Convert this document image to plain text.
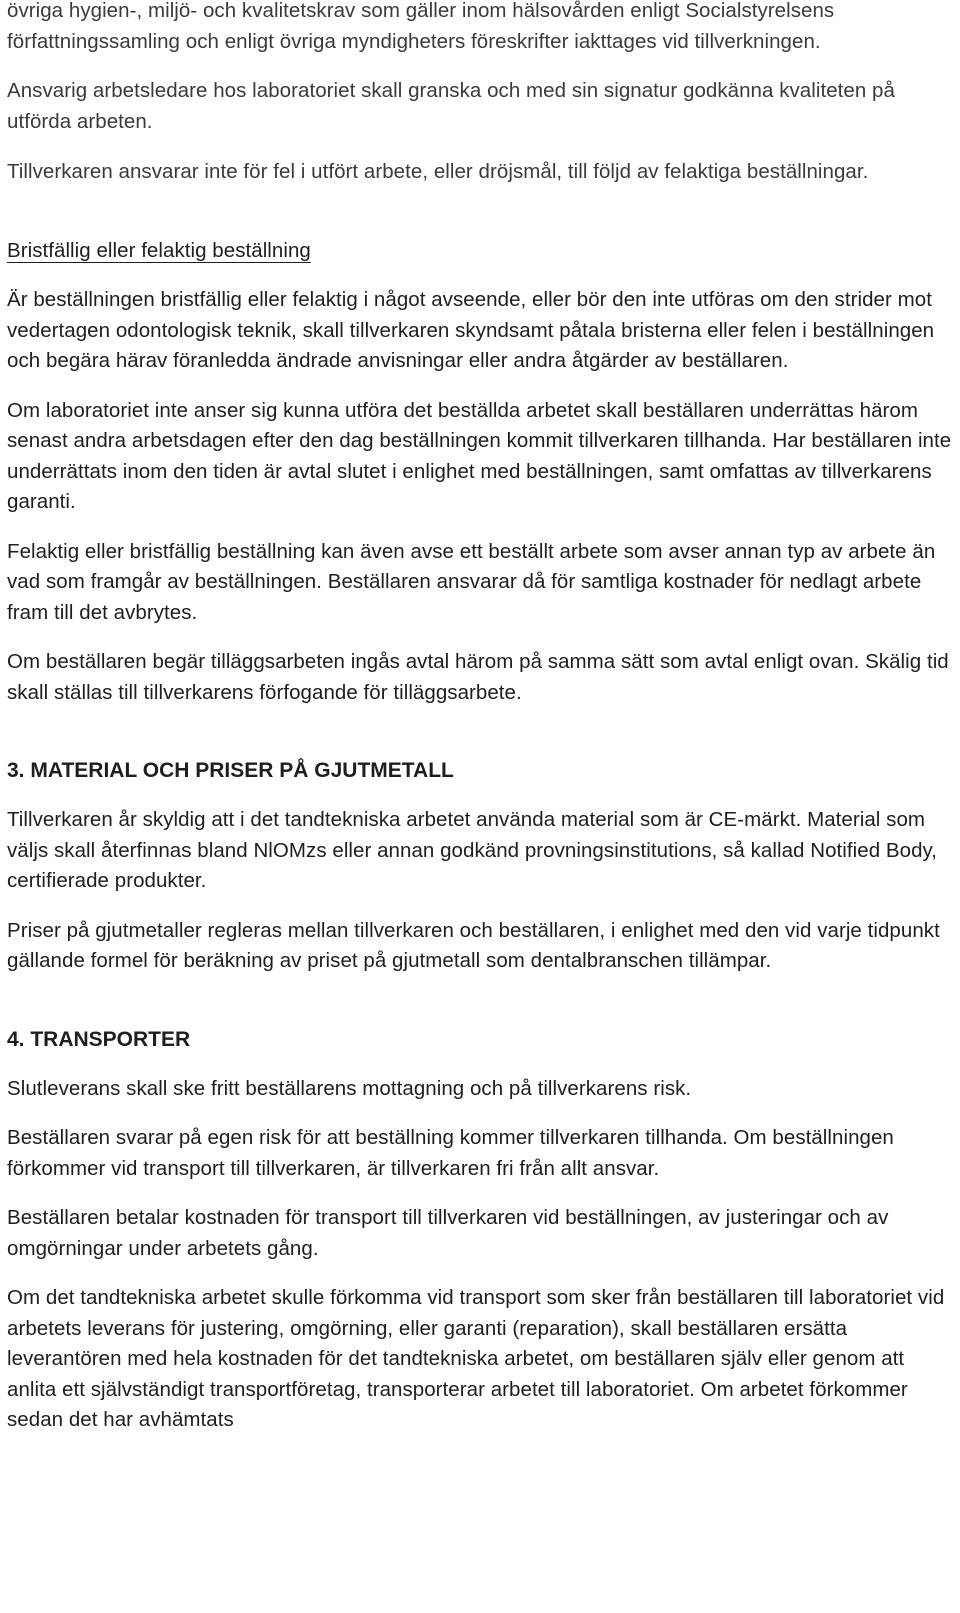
övriga hygien-, miljö- och kvalitetskrav som gäller inom hälsovården enligt Socialstyrelsens författningssamling och enligt övriga myndigheters föreskrifter iakttages vid tillverkningen.

Ansvarig arbetsledare hos laboratoriet skall granska och med sin signatur godkänna kvaliteten på utförda arbeten.

Tillverkaren ansvarar inte för fel i utfört arbete, eller dröjsmål, till följd av felaktiga beställningar.

Bristfällig eller felaktig beställning

Är beställningen bristfällig eller felaktig i något avseende, eller bör den inte utföras om den strider mot vedertagen odontologisk teknik, skall tillverkaren skyndsamt påtala bristerna eller felen i beställningen och begära härav föranledda ändrade anvisningar eller andra åtgärder av beställaren.

Om laboratoriet inte anser sig kunna utföra det beställda arbetet skall beställaren underrättas härom senast andra arbetsdagen efter den dag beställningen kommit tillverkaren tillhanda. Har beställaren inte underrättats inom den tiden är avtal slutet i enlighet med beställningen, samt omfattas av tillverkarens garanti.

Felaktig eller bristfällig beställning kan även avse ett beställt arbete som avser annan typ av arbete än vad som framgår av beställningen. Beställaren ansvarar då för samtliga kostnader för nedlagt arbete fram till det avbrytes.

Om beställaren begär tilläggsarbeten ingås avtal härom på samma sätt som avtal enligt ovan. Skälig tid skall ställas till tillverkarens förfogande för tilläggsarbete.

3. MATERIAL OCH PRISER PÅ GJUTMETALL

Tillverkaren år skyldig att i det tandtekniska arbetet använda material som är CE-märkt. Material som väljs skall återfinnas bland NlOMzs eller annan godkänd provningsinstitutions, så kallad Notified Body, certifierade produkter.

Priser på gjutmetaller regleras mellan tillverkaren och beställaren, i enlighet med den vid varje tidpunkt gällande formel för beräkning av priset på gjutmetall som dentalbranschen tillämpar.

4. TRANSPORTER

Slutleverans skall ske fritt beställarens mottagning och på tillverkarens risk.

Beställaren svarar på egen risk för att beställning kommer tillverkaren tillhanda. Om beställningen förkommer vid transport till tillverkaren, är tillverkaren fri från allt ansvar.

Beställaren betalar kostnaden för transport till tillverkaren vid beställningen, av justeringar och av omgörningar under arbetets gång.

Om det tandtekniska arbetet skulle förkomma vid transport som sker från beställaren till laboratoriet vid arbetets leverans för justering, omgörning, eller garanti (reparation), skall beställaren ersätta leverantören med hela kostnaden för det tandtekniska arbetet, om beställaren själv eller genom att anlita ett självständigt transportföretag, transporterar arbetet till laboratoriet. Om arbetet förkommer sedan det har avhämtats
